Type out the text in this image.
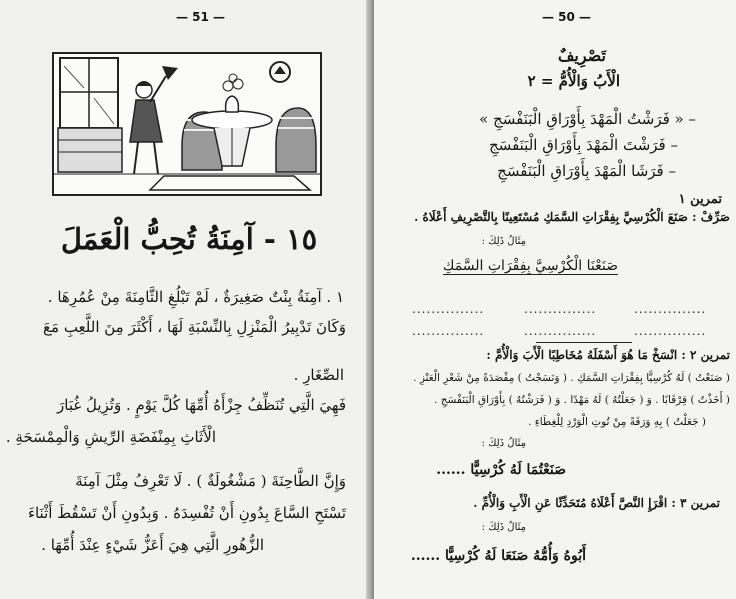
— 51 —
١٥ - آمِنَةُ تُحِبُّ الْعَمَلَ
١ . آمِنَةُ بِنْتٌ صَغِيرَةٌ ، لَمْ تَبْلُغِ الثَّامِنَةَ مِنْ عُمُرِهَا .
وَكَانَ تَدْبِيرُ الْمَنْزِلِ بِالنِّسْبَةِ لَهَا ، أَكْثَرَ مِنَ اللَّعِبِ مَعَ
الصِّغَارِ .
فَهِيَ الَّتِي تُنَظِّفُ جِزْأَهُ أُمِّهَا كُلَّ يَوْمٍ . وَتُزِيلُ غُبَارَ
الْأَثَاثِ بِمِنْفَضَةِ الرِّيشِ وَالْمِمْسَحَةِ .
وَإِنَّ الطَّاحِنَةَ ( مَشْغُولَةٌ ) . لَا تَعْرِفُ مِثْلَ آمِنَةَ
تَسْتَحِ السَّاعَ بِدُونِ أَنْ تُفْسِدَهُ . وَبِدُونِ أَنْ تَسْقُطَ أَثْنَاءَ
الزُّهُورِ الَّتِي هِيَ أَعَزُّ شَيْءٍ عِنْدَ أُمِّهَا .
— 50 —
تَصْرِيفٌ
الْأَبُ وَالْأُمُّ = ٢
– « فَرَشْتُ الْمَهْدَ بِأَوْرَاقِ الْبَنَفْسَجِ »
– فَرَشْتَ الْمَهْدَ بِأَوْرَاقِ الْبَنَفْسَجِ
– فَرَشَا الْمَهْدَ بِأَوْرَاقِ الْبَنَفْسَجِ
تمرين ١
صَرِّفْ : صَنَعَ الْكُرْسِيَّ بِفِقْرَاتِ السَّمَكِ مُسْتَعِينًا بِالتَّصْرِيفِ أَعْلَاهُ .
مِثَالُ ذَلِكَ :
صَنَعْنَا الْكُرْسِيَّ بِفِقْرَاتِ السَّمَكِ
...............	...............	...............
...............	...............	...............
تمرين ٢ : انْسَخْ مَا هُوَ أَسْفَلَهُ مُخَاطِبًا الْأَبَ وَالْأُمَّ :
( صَنَعْتُ ) لَهُ كُرْسِيًّا بِفِقْرَاتِ السَّمَكِ . ( وَنَسَجْتُ ) مِفْصَدَةً مِنْ شَعْرِ الْعَنْزِ .
( أَخَذْتُ ) قِرْقَابًا . وَ ( جَعَلْتُهُ ) لَهُ مَهْدًا . وَ ( فَرَشْتُهُ ) بِأَوْرَاقِ الْبَنَفْسَجِ .
( جَعَلْتُ ) بِهِ وَرَقَةً مِنْ تُوتِ الْوَرْدِ لِلْغِطَاءِ .
مِثَالُ ذَلِكَ :
صَنَعْتُمَا لَهُ كُرْسِيًّا ......
تمرين ٣ : اقْرَإِ النَّصَّ أَعْلَاهُ مُتَحَدِّثًا عَنِ الْأَبِ وَالْأُمِّ .
مِثَالُ ذَلِكَ :
أَبُوهُ وَأُمُّهُ صَنَعَا لَهُ كُرْسِيًّا ......
